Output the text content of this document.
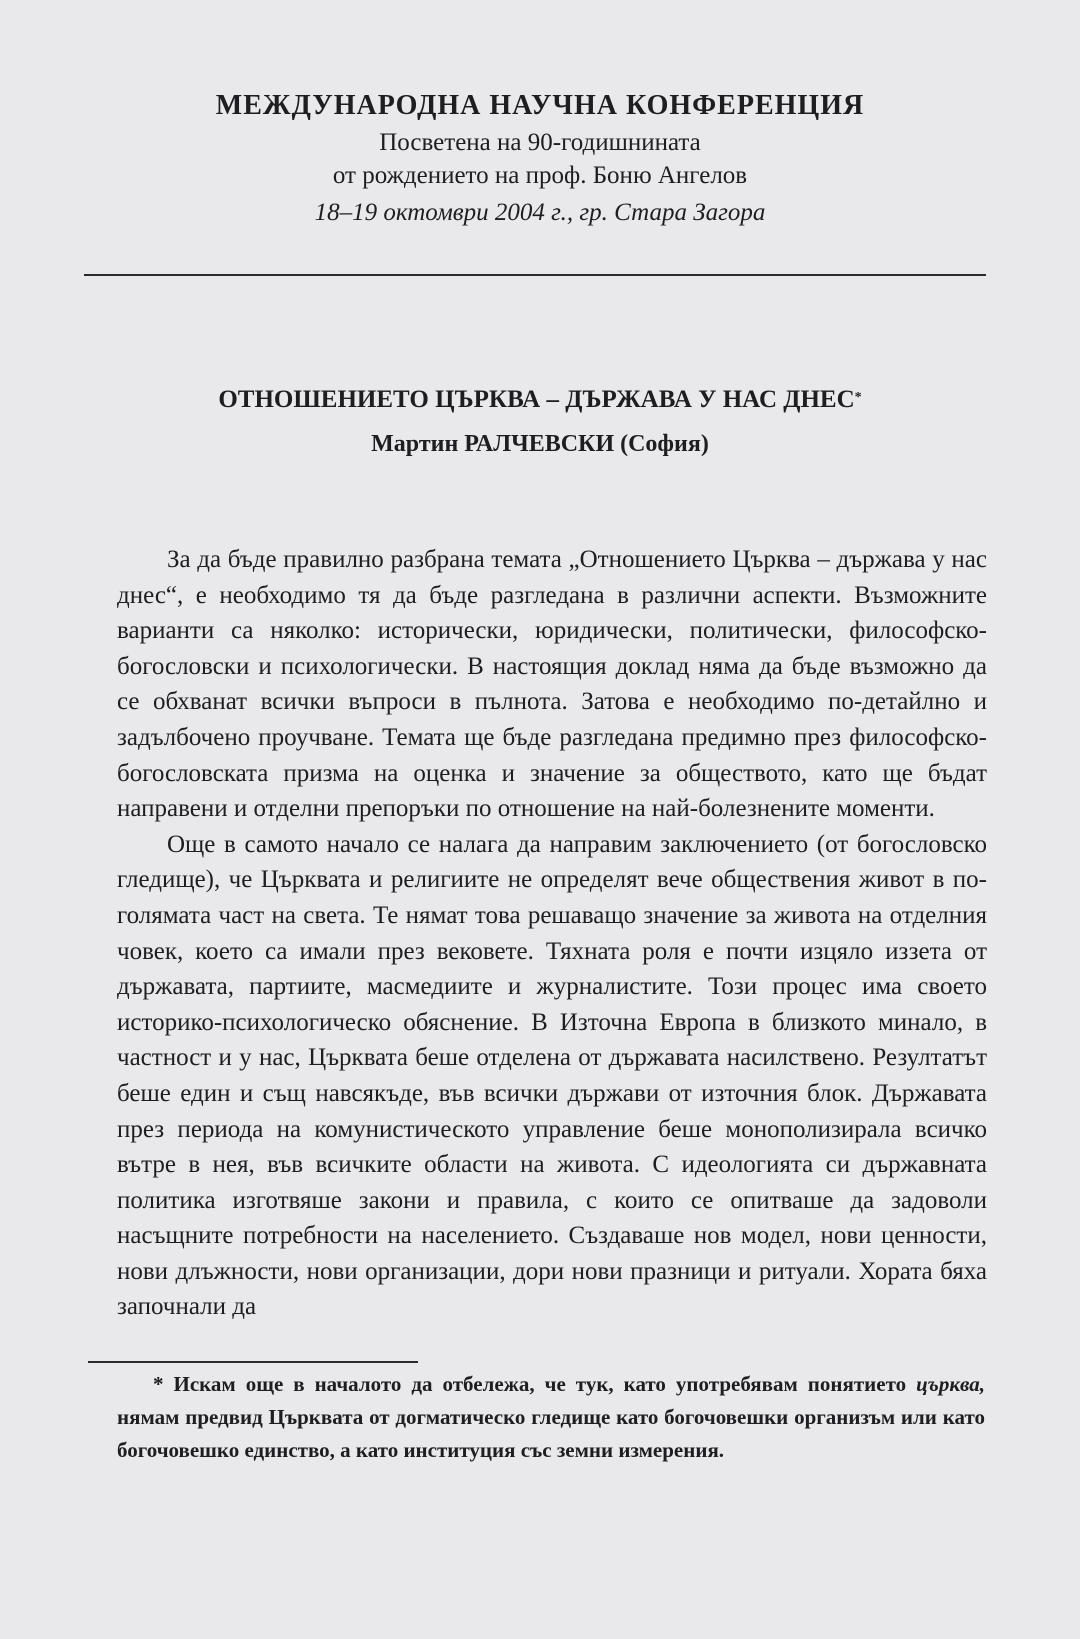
МЕЖДУНАРОДНА НАУЧНА КОНФЕРЕНЦИЯ
Посветена на 90-годишнината
от рождението на проф. Боню Ангелов
18–19 октомври 2004 г., гр. Стара Загора
ОТНОШЕНИЕТО ЦЪРКВА – ДЪРЖАВА У НАС ДНЕС*
Мартин РАЛЧЕВСКИ (София)

За да бъде правилно разбрана темата „Отношението Църква – държава у нас днес“, е необходимо тя да бъде разгледана в различни аспекти. Възможните варианти са няколко: исторически, юридически, политически, философско-богословски и психологически. В настоящия доклад няма да бъде възможно да се обхванат всички въпроси в пълнота. Затова е необходимо по-детайлно и задълбочено проучване. Темата ще бъде разгледана предимно през философско-богословската призма на оценка и значение за обществото, като ще бъдат направени и отделни препоръки по отношение на най-болезнените моменти.

Още в самото начало се налага да направим заключението (от богословско гледище), че Църквата и религиите не определят вече обществения живот в по-голямата част на света. Те нямат това решаващо значение за живота на отделния човек, което са имали през вековете. Тяхната роля е почти изцяло иззета от държавата, партиите, масмедиите и журналистите. Този процес има своето историко-психологическо обяснение. В Източна Европа в близкото минало, в частност и у нас, Църквата беше отделена от държавата насилствено. Резултатът беше един и същ навсякъде, във всички държави от източния блок. Държавата през периода на комунистическото управление беше монополизирала всичко вътре в нея, във всичките области на живота. С идеологията си държавната политика изготвяше закони и правила, с които се опитваше да задоволи насъщните потребности на населението. Създаваше нов модел, нови ценности, нови длъжности, нови организации, дори нови празници и ритуали. Хората бяха започнали да

* Искам още в началото да отбележа, че тук, като употребявам понятието църква, нямам предвид Църквата от догматическо гледище като богочовешки организъм или като богочовешко единство, а като институция със земни измерения.
